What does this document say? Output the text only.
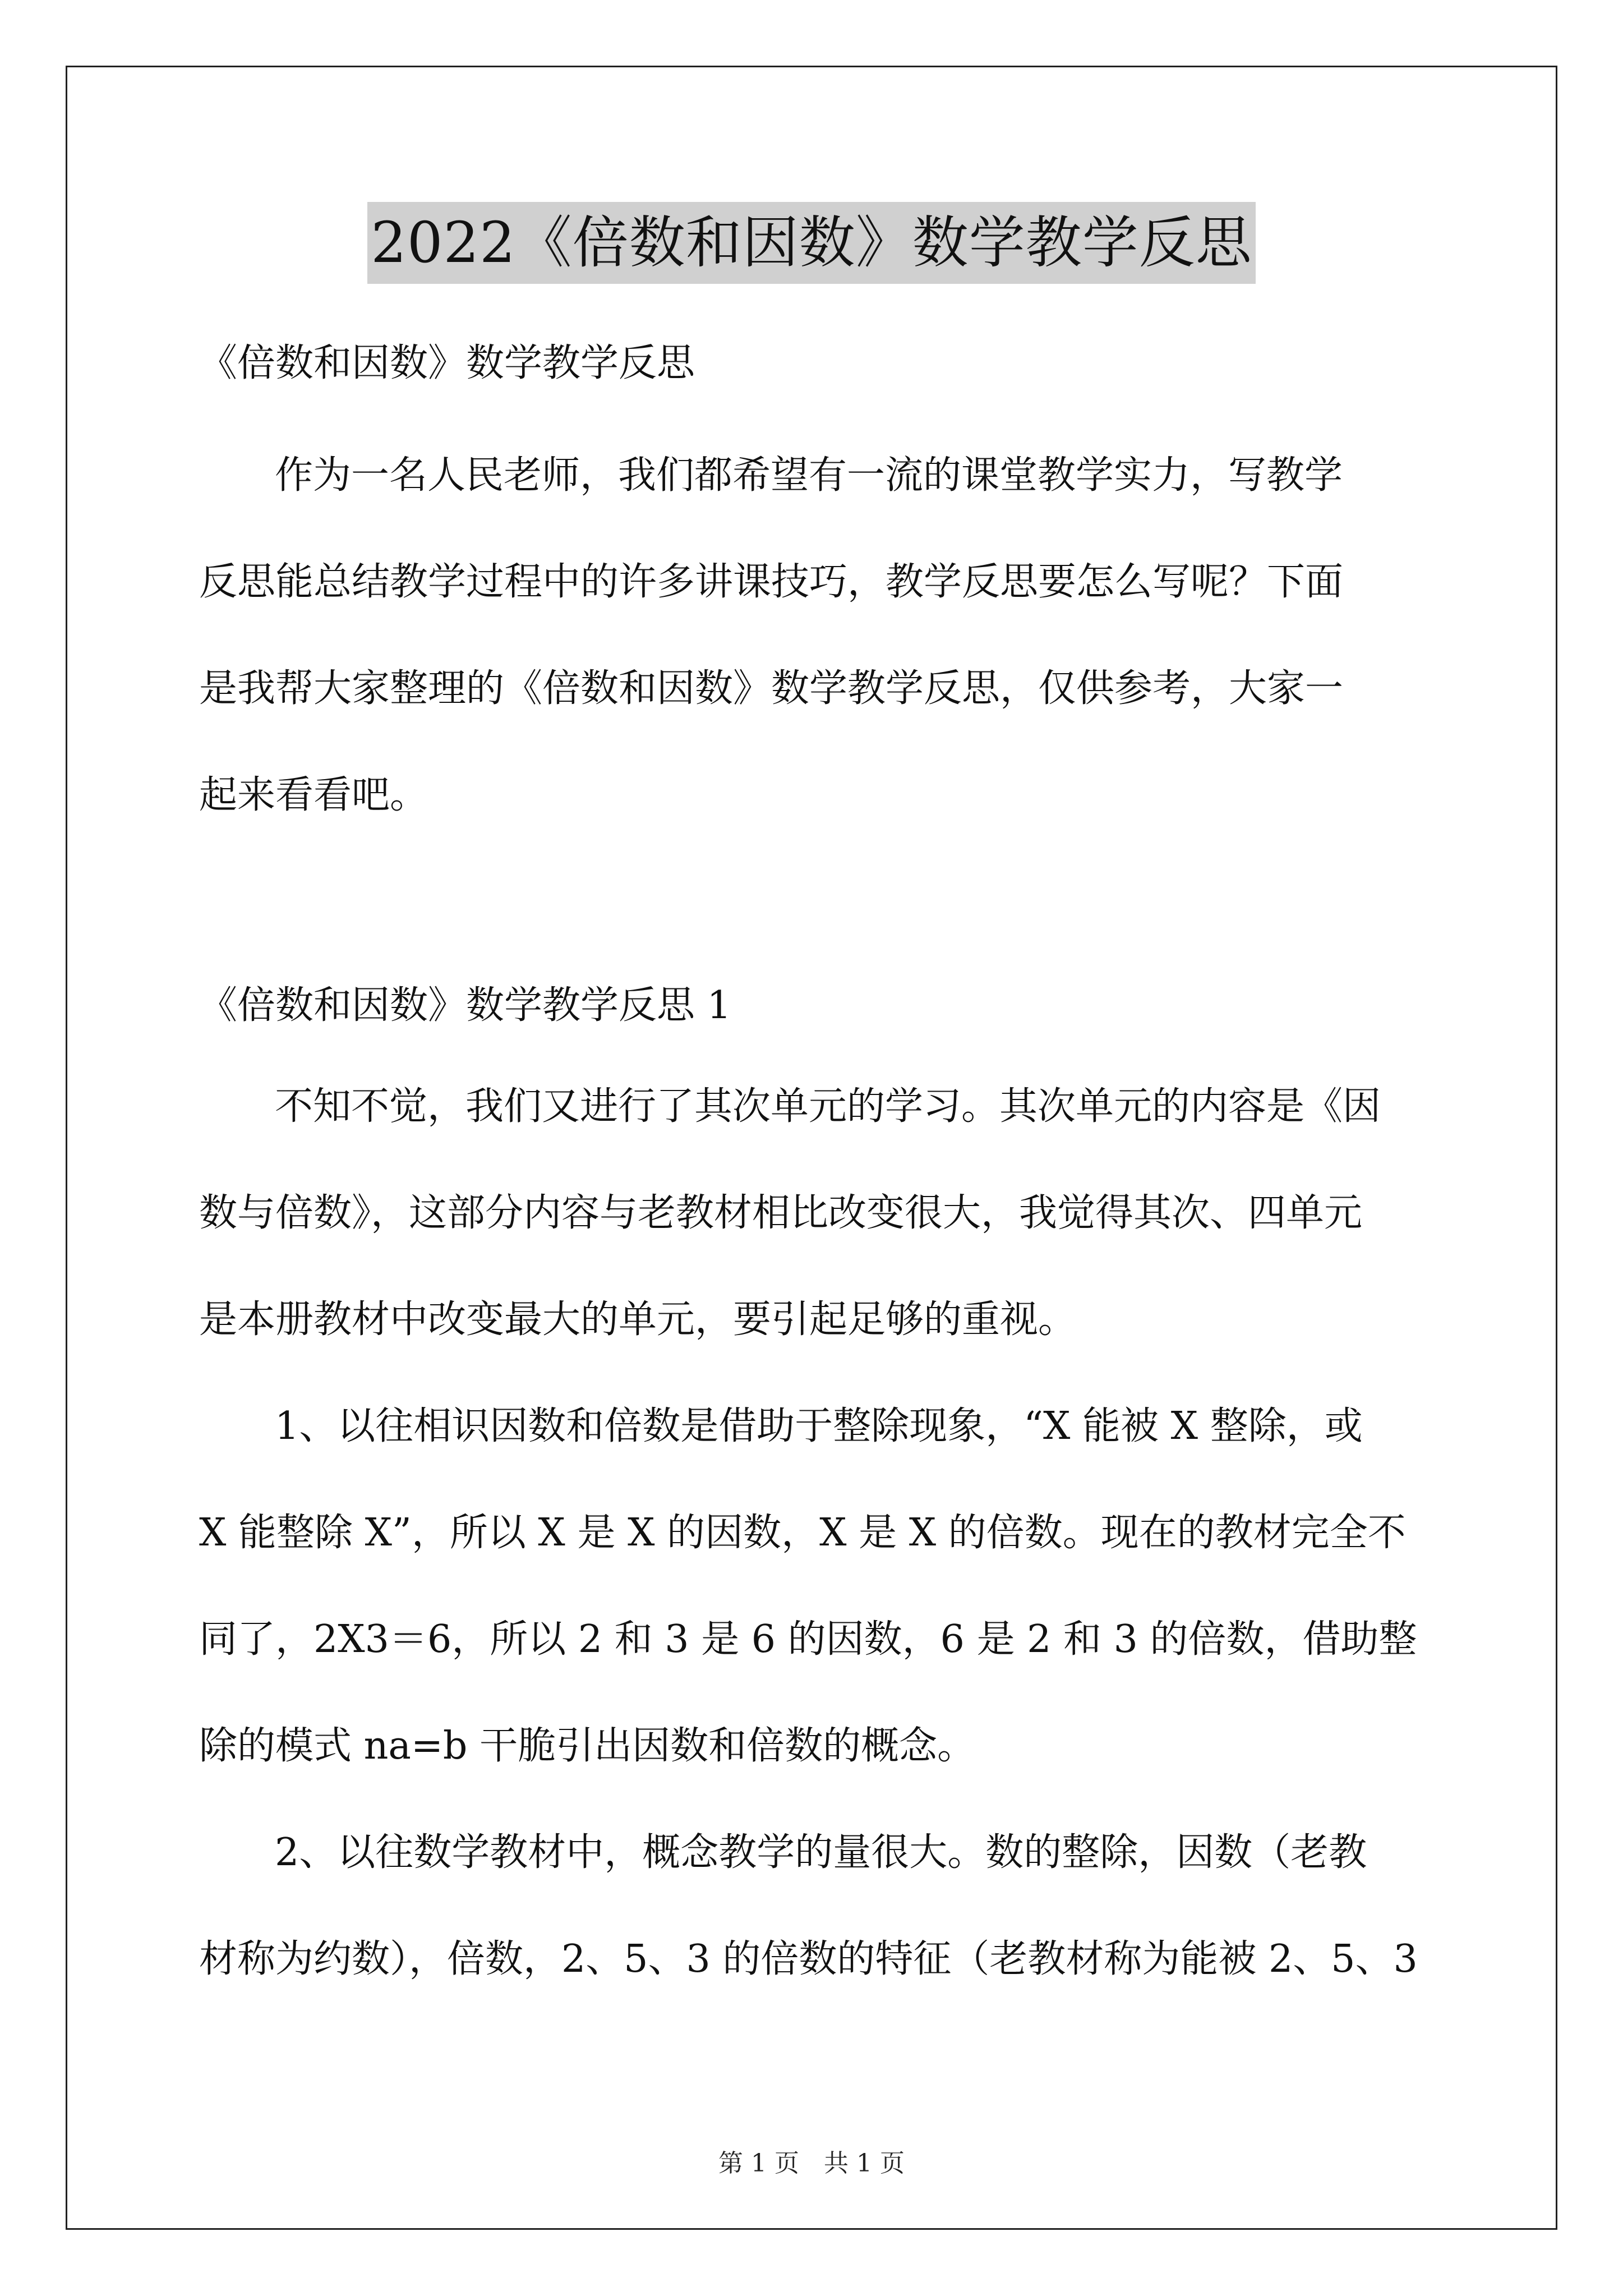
2022《倍数和因数》数学教学反思
《倍数和因数》数学教学反思
作为一名人民老师，我们都希望有一流的课堂教学实力，写教学
反思能总结教学过程中的许多讲课技巧，教学反思要怎么写呢？下面
是我帮大家整理的《倍数和因数》数学教学反思，仅供参考，大家一
起来看看吧。
《倍数和因数》数学教学反思 1
不知不觉，我们又进行了其次单元的学习。其次单元的内容是《因
数与倍数》，这部分内容与老教材相比改变很大，我觉得其次、四单元
是本册教材中改变最大的单元，要引起足够的重视。
1、以往相识因数和倍数是借助于整除现象，“X 能被 X 整除，或
X 能整除 X”，所以 X 是 X 的因数，X 是 X 的倍数。现在的教材完全不
同了，2X3＝6，所以 2 和 3 是 6 的因数，6 是 2 和 3 的倍数，借助整
除的模式 na=b 干脆引出因数和倍数的概念。
2、以往数学教材中，概念教学的量很大。数的整除，因数（老教
材称为约数），倍数，2、5、3 的倍数的特征（老教材称为能被 2、5、3
第 1 页　共 1 页
